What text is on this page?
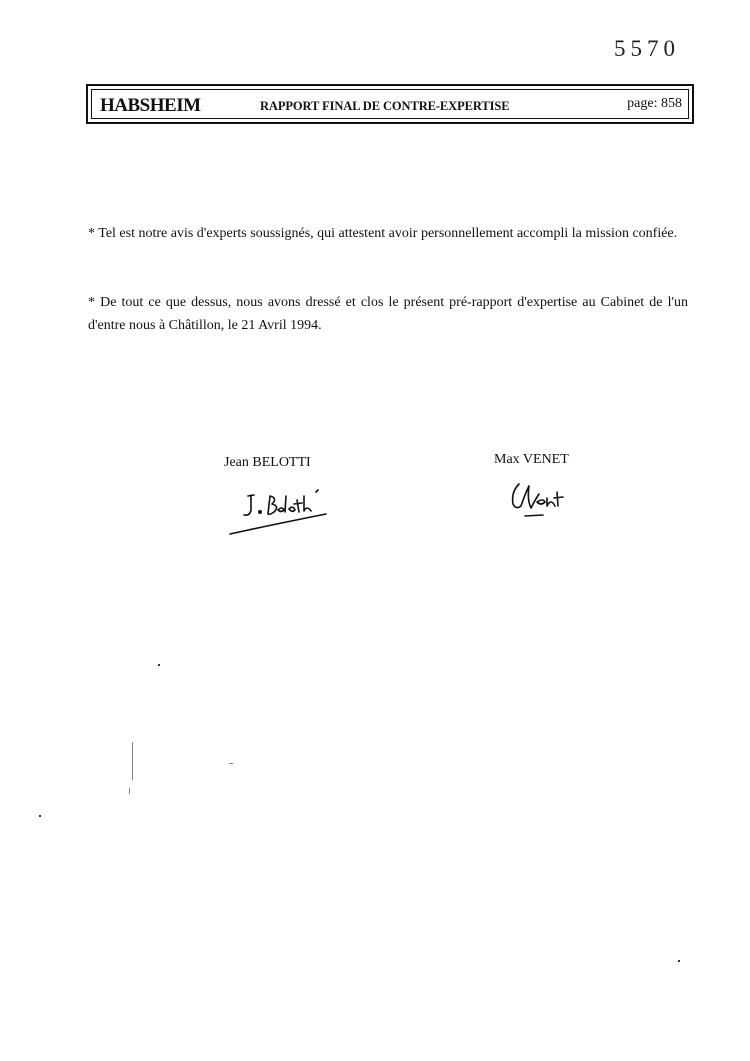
5570
HABSHEIM	RAPPORT FINAL DE CONTRE-EXPERTISE	page: 858
* Tel est notre avis d'experts soussignés, qui attestent avoir personnellement accompli la mission confiée.
* De tout ce que dessus, nous avons dressé et clos le présent pré-rapport d'expertise au Cabinet de l'un d'entre nous à Châtillon, le 21 Avril 1994.
Jean BELOTTI	Max VENET
